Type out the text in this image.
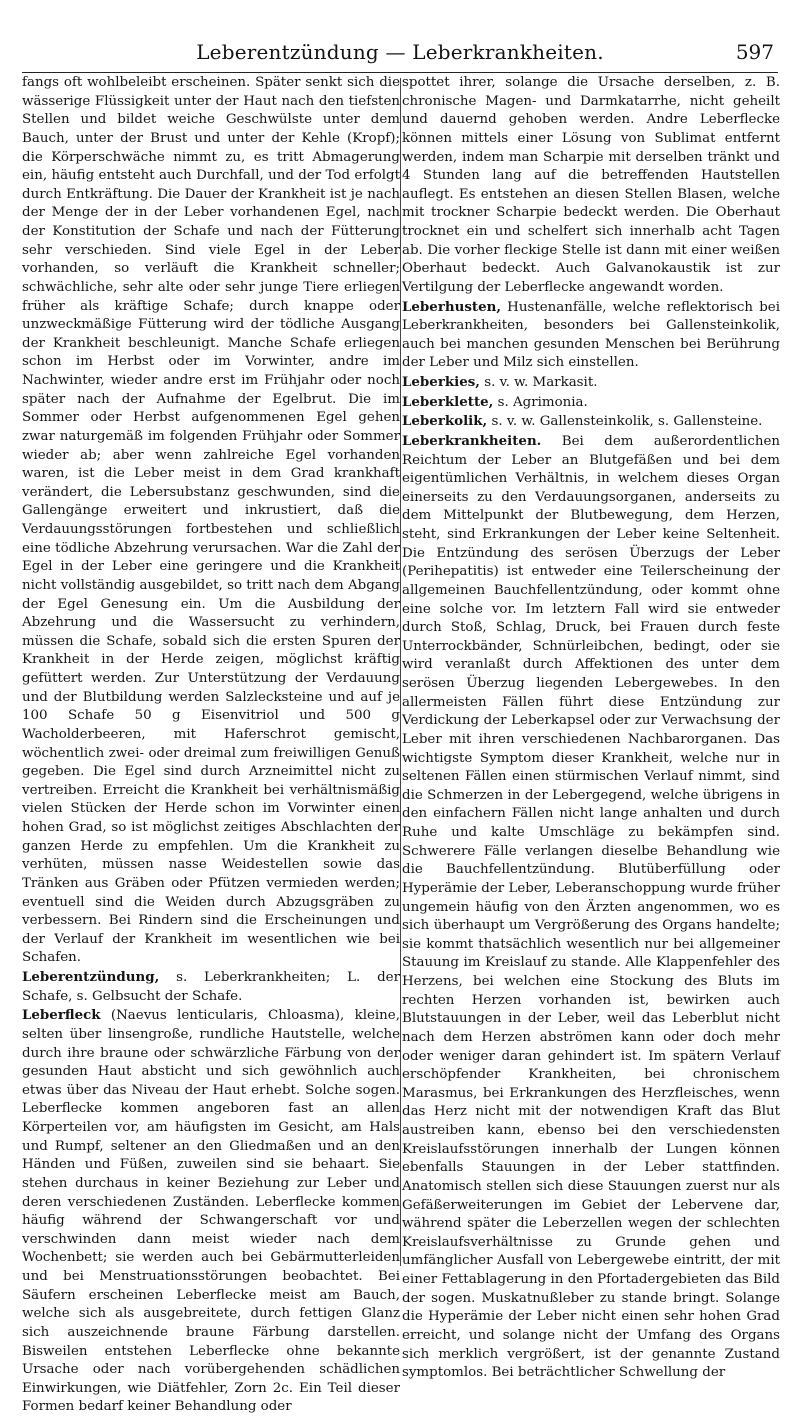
Leberentzündung — Leberkrankheiten.	597

fangs oft wohlbeleibt erscheinen. Später senkt sich die wässerige Flüssigkeit unter der Haut nach den tiefsten Stellen und bildet weiche Geschwülste unter dem Bauch, unter der Brust und unter der Kehle (Kropf); die Körperschwäche nimmt zu, es tritt Abmagerung ein, häufig entsteht auch Durchfall, und der Tod erfolgt durch Entkräftung. Die Dauer der Krankheit ist je nach der Menge der in der Leber vorhandenen Egel, nach der Konstitution der Schafe und nach der Fütterung sehr verschieden. Sind viele Egel in der Leber vorhanden, so verläuft die Krankheit schneller; schwächliche, sehr alte oder sehr junge Tiere erliegen früher als kräftige Schafe; durch knappe oder unzweckmäßige Fütterung wird der tödliche Ausgang der Krankheit beschleunigt. Manche Schafe erliegen schon im Herbst oder im Vorwinter, andre im Nachwinter, wieder andre erst im Frühjahr oder noch später nach der Aufnahme der Egelbrut. Die im Sommer oder Herbst aufgenommenen Egel gehen zwar naturgemäß im folgenden Frühjahr oder Sommer wieder ab; aber wenn zahlreiche Egel vorhanden waren, ist die Leber meist in dem Grad krankhaft verändert, die Lebersubstanz geschwunden, sind die Gallengänge erweitert und inkrustiert, daß die Verdauungsstörungen fortbestehen und schließlich eine tödliche Abzehrung verursachen. War die Zahl der Egel in der Leber eine geringere und die Krankheit nicht vollständig ausgebildet, so tritt nach dem Abgang der Egel Genesung ein. Um die Ausbildung der Abzehrung und die Wassersucht zu verhindern, müssen die Schafe, sobald sich die ersten Spuren der Krankheit in der Herde zeigen, möglichst kräftig gefüttert werden. Zur Unterstützung der Verdauung und der Blutbildung werden Salzlecksteine und auf je 100 Schafe 50 g Eisenvitriol und 500 g Wacholderbeeren, mit Haferschrot gemischt, wöchentlich zwei- oder dreimal zum freiwilligen Genuß gegeben. Die Egel sind durch Arzneimittel nicht zu vertreiben. Erreicht die Krankheit bei verhältnismäßig vielen Stücken der Herde schon im Vorwinter einen hohen Grad, so ist möglichst zeitiges Abschlachten der ganzen Herde zu empfehlen. Um die Krankheit zu verhüten, müssen nasse Weidestellen sowie das Tränken aus Gräben oder Pfützen vermieden werden; eventuell sind die Weiden durch Abzugsgräben zu verbessern. Bei Rindern sind die Erscheinungen und der Verlauf der Krankheit im wesentlichen wie bei Schafen.

Leberentzündung, s. Leberkrankheiten; L. der Schafe, s. Gelbsucht der Schafe.

Leberfleck (Naevus lenticularis, Chloasma), kleine, selten über linsengroße, rundliche Hautstelle, welche durch ihre braune oder schwärzliche Färbung von der gesunden Haut absticht und sich gewöhnlich auch etwas über das Niveau der Haut erhebt. Solche sogen. Leberflecke kommen angeboren fast an allen Körperteilen vor, am häufigsten im Gesicht, am Hals und Rumpf, seltener an den Gliedmaßen und an den Händen und Füßen, zuweilen sind sie behaart. Sie stehen durchaus in keiner Beziehung zur Leber und deren verschiedenen Zuständen. Leberflecke kommen häufig während der Schwangerschaft vor und verschwinden dann meist wieder nach dem Wochenbett; sie werden auch bei Gebärmutterleiden und bei Menstruationsstörungen beobachtet. Bei Säufern erscheinen Leberflecke meist am Bauch, welche sich als ausgebreitete, durch fettigen Glanz sich auszeichnende braune Färbung darstellen. Bisweilen entstehen Leberflecke ohne bekannte Ursache oder nach vorübergehenden schädlichen Einwirkungen, wie Diätfehler, Zorn 2c. Ein Teil dieser Formen bedarf keiner Behandlung oder

spottet ihrer, solange die Ursache derselben, z. B. chronische Magen- und Darmkatarrhe, nicht geheilt und dauernd gehoben werden. Andre Leberflecke können mittels einer Lösung von Sublimat entfernt werden, indem man Scharpie mit derselben tränkt und 4 Stunden lang auf die betreffenden Hautstellen auflegt. Es entstehen an diesen Stellen Blasen, welche mit trockner Scharpie bedeckt werden. Die Oberhaut trocknet ein und schelfert sich innerhalb acht Tagen ab. Die vorher fleckige Stelle ist dann mit einer weißen Oberhaut bedeckt. Auch Galvanokaustik ist zur Vertilgung der Leberflecke angewandt worden.

Leberhusten, Hustenanfälle, welche reflektorisch bei Leberkrankheiten, besonders bei Gallensteinkolik, auch bei manchen gesunden Menschen bei Berührung der Leber und Milz sich einstellen.

Leberkies, s. v. w. Markasit.

Leberklette, s. Agrimonia.

Leberkolik, s. v. w. Gallensteinkolik, s. Gallensteine.

Leberkrankheiten. Bei dem außerordentlichen Reichtum der Leber an Blutgefäßen und bei dem eigentümlichen Verhältnis, in welchem dieses Organ einerseits zu den Verdauungsorganen, anderseits zu dem Mittelpunkt der Blutbewegung, dem Herzen, steht, sind Erkrankungen der Leber keine Seltenheit. Die Entzündung des serösen Überzugs der Leber (Perihepatitis) ist entweder eine Teilerscheinung der allgemeinen Bauchfellentzündung, oder kommt ohne eine solche vor. Im letztern Fall wird sie entweder durch Stoß, Schlag, Druck, bei Frauen durch feste Unterrockbänder, Schnürleibchen, bedingt, oder sie wird veranlaßt durch Affektionen des unter dem serösen Überzug liegenden Lebergewebes. In den allermeisten Fällen führt diese Entzündung zur Verdickung der Leberkapsel oder zur Verwachsung der Leber mit ihren verschiedenen Nachbarorganen. Das wichtigste Symptom dieser Krankheit, welche nur in seltenen Fällen einen stürmischen Verlauf nimmt, sind die Schmerzen in der Lebergegend, welche übrigens in den einfachern Fällen nicht lange anhalten und durch Ruhe und kalte Umschläge zu bekämpfen sind. Schwerere Fälle verlangen dieselbe Behandlung wie die Bauchfellentzündung. Blutüberfüllung oder Hyperämie der Leber, Leberanschoppung wurde früher ungemein häufig von den Ärzten angenommen, wo es sich überhaupt um Vergrößerung des Organs handelte; sie kommt thatsächlich wesentlich nur bei allgemeiner Stauung im Kreislauf zu stande. Alle Klappenfehler des Herzens, bei welchen eine Stockung des Bluts im rechten Herzen vorhanden ist, bewirken auch Blutstauungen in der Leber, weil das Leberblut nicht nach dem Herzen abströmen kann oder doch mehr oder weniger daran gehindert ist. Im spätern Verlauf erschöpfender Krankheiten, bei chronischem Marasmus, bei Erkrankungen des Herzfleisches, wenn das Herz nicht mit der notwendigen Kraft das Blut austreiben kann, ebenso bei den verschiedensten Kreislaufsstörungen innerhalb der Lungen können ebenfalls Stauungen in der Leber stattfinden. Anatomisch stellen sich diese Stauungen zuerst nur als Gefäßerweiterungen im Gebiet der Lebervene dar, während später die Leberzellen wegen der schlechten Kreislaufsverhältnisse zu Grunde gehen und umfänglicher Ausfall von Lebergewebe eintritt, der mit einer Fettablagerung in den Pfortadergebieten das Bild der sogen. Muskatnußleber zu stande bringt. Solange die Hyperämie der Leber nicht einen sehr hohen Grad erreicht, und solange nicht der Umfang des Organs sich merklich vergrößert, ist der genannte Zustand symptomlos. Bei beträchtlicher Schwellung der
